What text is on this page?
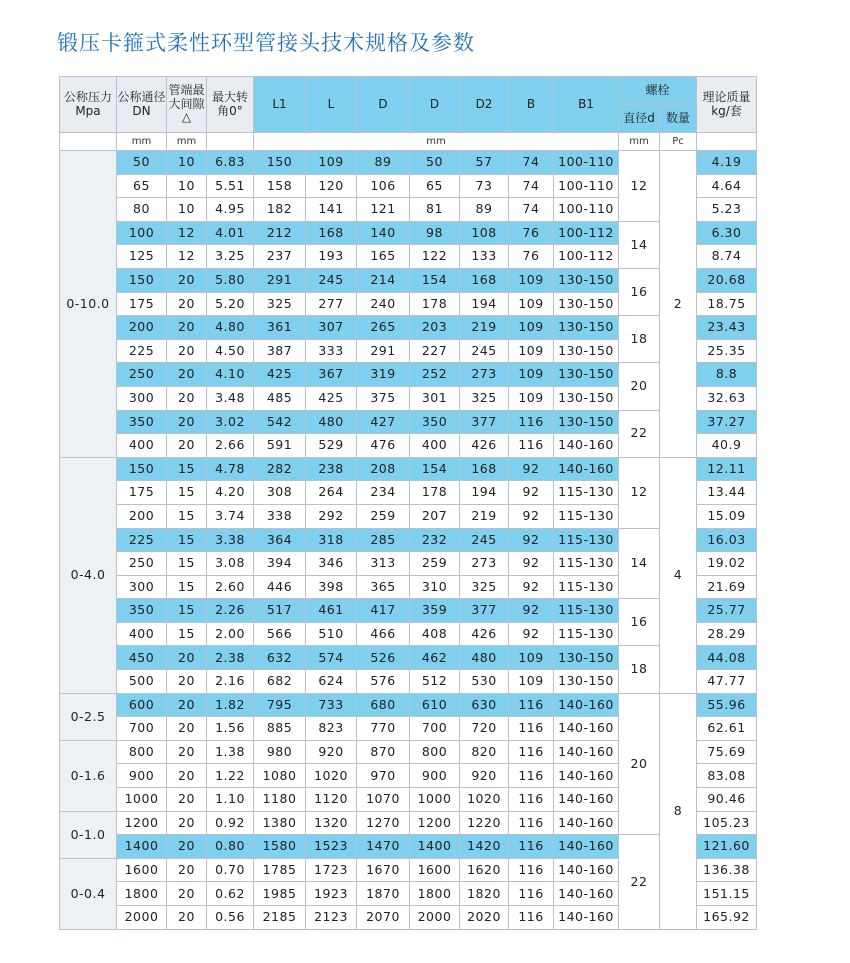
锻压卡箍式柔性环型管接头技术规格及参数
公称压力
Mpa	公称通径DN	管端最大间隙△	最大转角0°	L1	L	D	D	D2	B	B1	螺栓		理论质量kg/套
											直径d	数量	
	mm	mm		mm							mm	Pc	
0-10.0	50	10	6.83	150	109	89	50	57	74	100-110	12	2	4.19
	65	10	5.51	158	120	106	65	73	74	100-110			4.64
	80	10	4.95	182	141	121	81	89	74	100-110			5.23
	100	12	4.01	212	168	140	98	108	76	100-112	14		6.30
	125	12	3.25	237	193	165	122	133	76	100-112			8.74
	150	20	5.80	291	245	214	154	168	109	130-150	16		20.68
	175	20	5.20	325	277	240	178	194	109	130-150			18.75
	200	20	4.80	361	307	265	203	219	109	130-150	18		23.43
	225	20	4.50	387	333	291	227	245	109	130-150			25.35
	250	20	4.10	425	367	319	252	273	109	130-150	20		8.8
	300	20	3.48	485	425	375	301	325	109	130-150			32.63
	350	20	3.02	542	480	427	350	377	116	130-150	22		37.27
	400	20	2.66	591	529	476	400	426	116	140-160			40.9
0-4.0	150	15	4.78	282	238	208	154	168	92	140-160	12	4	12.11
	175	15	4.20	308	264	234	178	194	92	115-130			13.44
	200	15	3.74	338	292	259	207	219	92	115-130			15.09
	225	15	3.38	364	318	285	232	245	92	115-130	14		16.03
	250	15	3.08	394	346	313	259	273	92	115-130			19.02
	300	15	2.60	446	398	365	310	325	92	115-130			21.69
	350	15	2.26	517	461	417	359	377	92	115-130	16		25.77
	400	15	2.00	566	510	466	408	426	92	115-130			28.29
	450	20	2.38	632	574	526	462	480	109	130-150	18		44.08
	500	20	2.16	682	624	576	512	530	109	130-150			47.77
0-2.5	600	20	1.82	795	733	680	610	630	116	140-160	20	8	55.96
	700	20	1.56	885	823	770	700	720	116	140-160			62.61
0-1.6	800	20	1.38	980	920	870	800	820	116	140-160			75.69
	900	20	1.22	1080	1020	970	900	920	116	140-160			83.08
	1000	20	1.10	1180	1120	1070	1000	1020	116	140-160			90.46
0-1.0	1200	20	0.92	1380	1320	1270	1200	1220	116	140-160			105.23
	1400	20	0.80	1580	1523	1470	1400	1420	116	140-160	22		121.60
0-0.4	1600	20	0.70	1785	1723	1670	1600	1620	116	140-160			136.38
	1800	20	0.62	1985	1923	1870	1800	1820	116	140-160			151.15
	2000	20	0.56	2185	2123	2070	2000	2020	116	140-160			165.92
